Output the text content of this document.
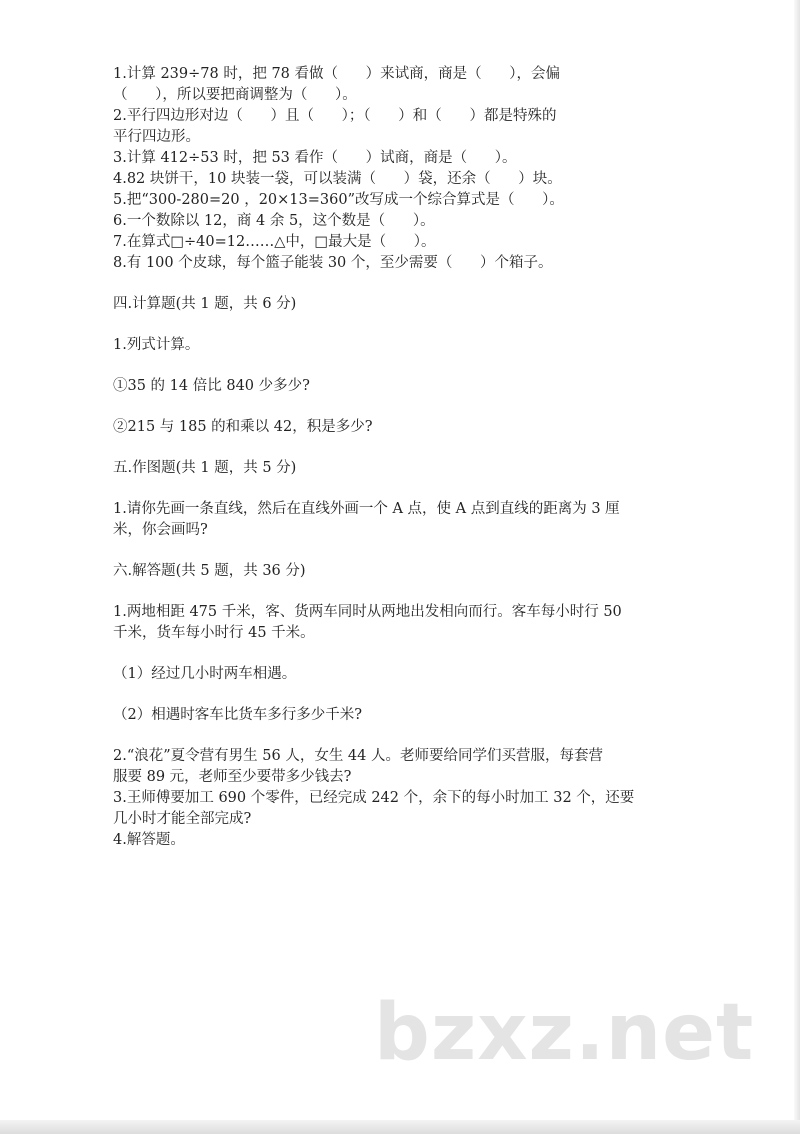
1.计算 239÷78 时，把 78 看做（      ）来试商，商是（      ），会偏

（      ），所以要把商调整为（      ）。

2.平行四边形对边（      ）且（      ）；（      ）和（      ）都是特殊的

平行四边形。

3.计算 412÷53 时，把 53 看作（      ）试商，商是（      ）。

4.82 块饼干，10 块装一袋，可以装满（      ）袋，还余（      ）块。

5.把“300-280=20 ，20×13=360”改写成一个综合算式是（      ）。

6.一个数除以 12，商 4 余 5，这个数是（      ）。

7.在算式□÷40=12……△中，□最大是（      ）。

8.有 100 个皮球，每个篮子能装 30 个，至少需要（      ）个箱子。

四.计算题(共 1 题，共 6 分)

1.列式计算。

①35 的 14 倍比 840 少多少?

②215 与 185 的和乘以 42，积是多少?

五.作图题(共 1 题，共 5 分)

1.请你先画一条直线，然后在直线外画一个 A 点，使 A 点到直线的距离为 3 厘

米，你会画吗?

六.解答题(共 5 题，共 36 分)

1.两地相距 475 千米，客、货两车同时从两地出发相向而行。客车每小时行 50

千米，货车每小时行 45 千米。

（1）经过几小时两车相遇。

（2）相遇时客车比货车多行多少千米?

2.“浪花”夏令营有男生 56 人，女生 44 人。老师要给同学们买营服，每套营

服要 89 元，老师至少要带多少钱去?

3.王师傅要加工 690 个零件，已经完成 242 个，余下的每小时加工 32 个，还要

几小时才能全部完成?

4.解答题。

bzxz.net
